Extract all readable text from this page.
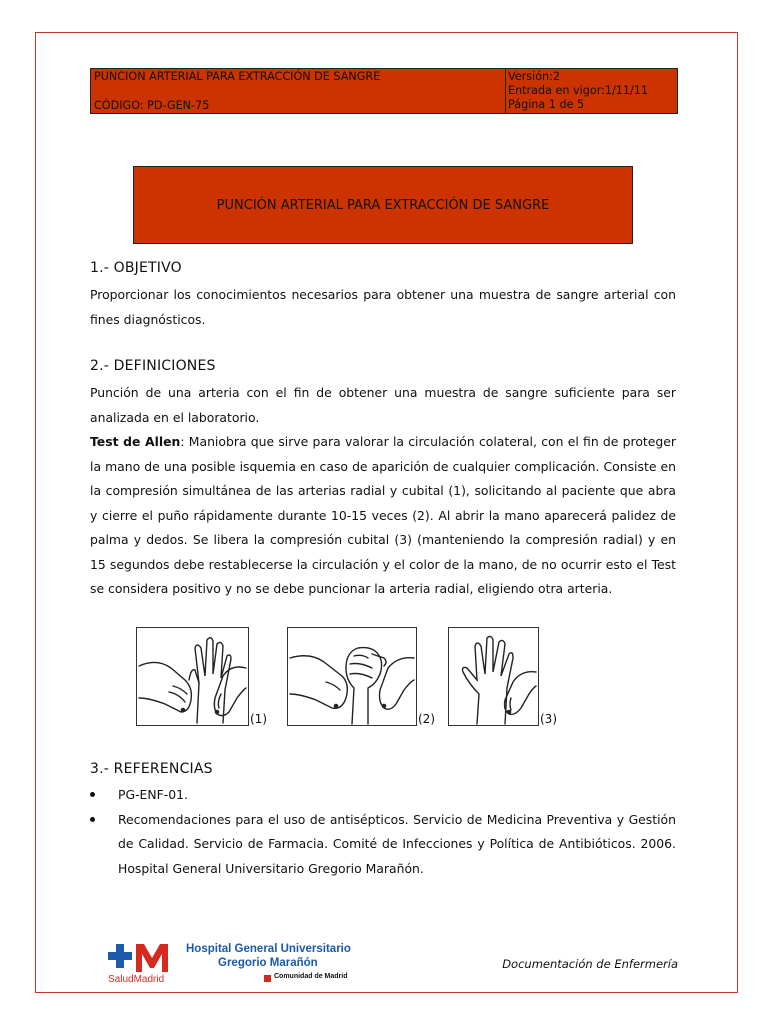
PUNCION ARTERIAL PARA EXTRACCIÓN DE SANGRE
CÓDIGO: PD-GEN-75
Versión:2
Entrada en vigor:1/11/11
Página 1 de 5
PUNCIÓN ARTERIAL PARA EXTRACCIÓN DE SANGRE
1.- OBJETIVO

Proporcionar los conocimientos necesarios para obtener una muestra de sangre arterial con fines diagnósticos.

2.- DEFINICIONES

Punción de una arteria con el fin de obtener una muestra de sangre suficiente para ser analizada en el laboratorio.

Test de Allen: Maniobra que sirve para valorar la circulación colateral, con el fin de proteger la mano de una posible isquemia en caso de aparición de cualquier complicación. Consiste en la compresión simultánea de las arterias radial y cubital (1), solicitando al paciente que abra y cierre el puño rápidamente durante 10-15 veces (2). Al abrir la mano aparecerá palidez de palma y dedos. Se libera la compresión cubital (3) (manteniendo la compresión radial) y en 15 segundos debe restablecerse la circulación y el color de la mano, de no ocurrir esto el Test se considera positivo y no se debe puncionar la arteria radial, eligiendo otra arteria.

(1)	(2)	(3)
3.- REFERENCIAS
PG-ENF-01.
Recomendaciones para el uso de antisépticos. Servicio de Medicina Preventiva y Gestión de Calidad. Servicio de Farmacia. Comité de Infecciones y Política de Antibióticos. 2006. Hospital General Universitario Gregorio Marañón.
SaludMadrid
Hospital General Universitario
Gregorio Marañón
Comunidad de Madrid
Documentación de Enfermería
